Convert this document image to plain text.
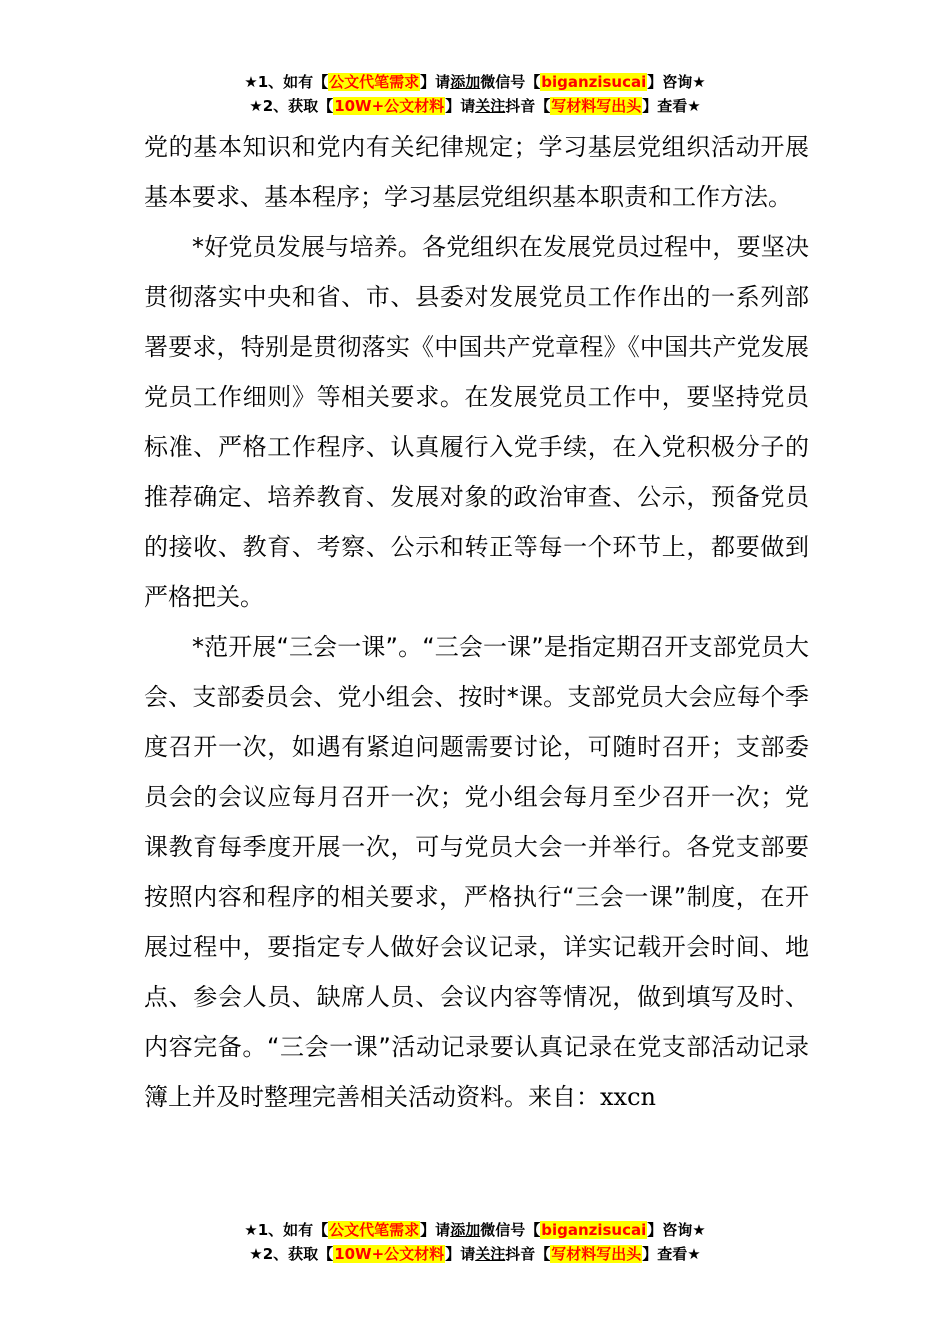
★1、如有【公文代笔需求】请添加微信号【biganzisucai】咨询★
★2、获取【10W+公文材料】请关注抖音【写材料写出头】查看★

党的基本知识和党内有关纪律规定；学习基层党组织活动开展基本要求、基本程序；学习基层党组织基本职责和工作方法。

*好党员发展与培养。各党组织在发展党员过程中，要坚决贯彻落实中央和省、市、县委对发展党员工作作出的一系列部署要求，特别是贯彻落实《中国共产党章程》《中国共产党发展党员工作细则》等相关要求。在发展党员工作中，要坚持党员标准、严格工作程序、认真履行入党手续，在入党积极分子的推荐确定、培养教育、发展对象的政治审查、公示，预备党员的接收、教育、考察、公示和转正等每一个环节上，都要做到严格把关。

*范开展“三会一课”。“三会一课”是指定期召开支部党员大会、支部委员会、党小组会、按时*课。支部党员大会应每个季度召开一次，如遇有紧迫问题需要讨论，可随时召开；支部委员会的会议应每月召开一次；党小组会每月至少召开一次；党课教育每季度开展一次，可与党员大会一并举行。各党支部要按照内容和程序的相关要求，严格执行“三会一课”制度，在开展过程中，要指定专人做好会议记录，详实记载开会时间、地点、参会人员、缺席人员、会议内容等情况，做到填写及时、内容完备。“三会一课”活动记录要认真记录在党支部活动记录簿上并及时整理完善相关活动资料。来自：xxcn

★1、如有【公文代笔需求】请添加微信号【biganzisucai】咨询★
★2、获取【10W+公文材料】请关注抖音【写材料写出头】查看★
